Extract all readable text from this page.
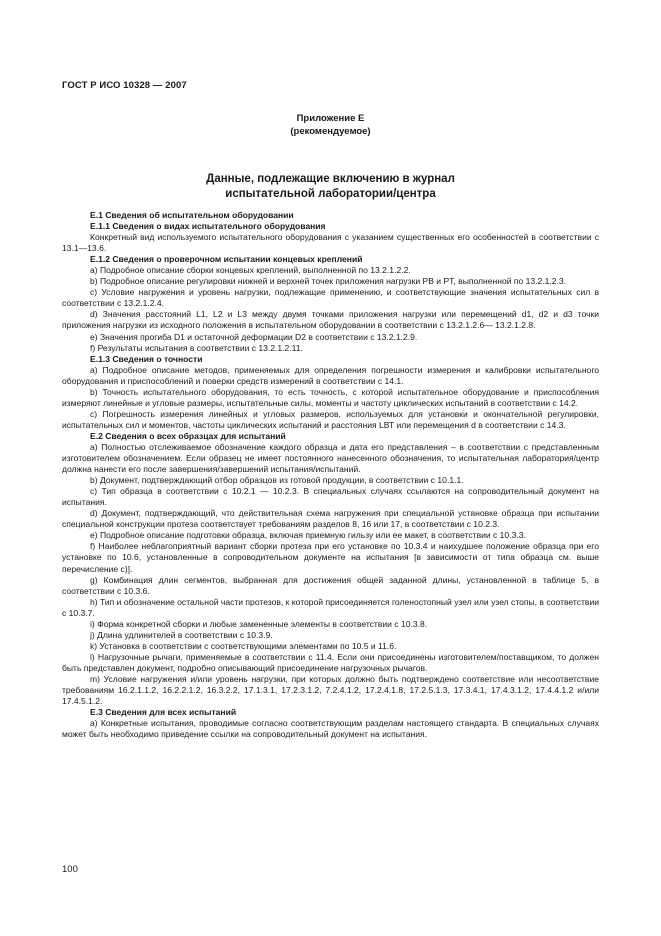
ГОСТ Р ИСО 10328 — 2007
Приложение Е
(рекомендуемое)
Данные, подлежащие включению в журнал
испытательной лаборатории/центра
Е.1 Сведения об испытательном оборудовании
Е.1.1 Сведения о видах испытательного оборудования

Конкретный вид используемого испытательного оборудования с указанием существенных его особенностей в соответствии с 13.1—13.6.

Е.1.2 Сведения о проверочном испытании концевых креплений

а) Подробное описание сборки концевых креплений, выполненной по 13.2.1.2.2.

b) Подробное описание регулировки нижней и верхней точек приложения нагрузки PВ и PТ, выполненной по 13.2.1.2.3.

c) Условие нагружения и уровень нагрузки, подлежащие применению, и соответствующие значения испытательных сил в соответствии с 13.2.1.2.4.

d) Значения расстояний L1, L2 и L3 между двумя точками приложения нагрузки или перемещений d1, d2 и d3 точки приложения нагрузки из исходного положения в испытательном оборудовании в соответствии с 13.2.1.2.6— 13.2.1.2.8.

e) Значения прогиба D1 и остаточной деформации D2 в соответствии с 13.2.1.2.9.

f) Результаты испытания в соответствии с 13.2.1.2.11.

Е.1.3 Сведения о точности

а) Подробное описание методов, применяемых для определения погрешности измерения и калибровки испытательного оборудования и приспособлений и поверки средств измерений в соответствии с 14.1.

b) Точность испытательного оборудования, то есть точность, с которой испытательное оборудование и приспособления измеряют линейные и угловые размеры, испытательные силы, моменты и частоту циклических испытаний в соответствии с 14.2.

c) Погрешность измерения линейных и угловых размеров, используемых для установки и окончательной регулировки, испытательных сил и моментов, частоты циклических испытаний и расстояния LВТ или перемещения d в соответствии с 14.3.

Е.2 Сведения о всех образцах для испытаний

а) Полностью отслеживаемое обозначение каждого образца и дата его представления – в соответствии с представленным изготовителем обозначением. Если образец не имеет постоянного нанесенного обозначения, то испытательная лаборатория/центр должна нанести его после завершения/завершений испытания/испытаний.

b) Документ, подтверждающий отбор образцов из готовой продукции, в соответствии с 10.1.1.

c) Тип образца в соответствии с 10.2.1 — 10.2.3. В специальных случаях ссылаются на сопроводительный документ на испытания.

d) Документ, подтверждающий, что действительная схема нагружения при специальной установке образца при испытании специальной конструкции протеза соответствует требованиям разделов 8, 16 или 17, в соответствии с 10.2.3.

e) Подробное описание подготовки образца, включая приемную гильзу или ее макет, в соответствии с 10.3.3.

f) Наиболее неблагоприятный вариант сборки протеза при его установке по 10.3.4 и наихудшее положение образца при его установке по 10.6, установленные в сопроводительном документе на испытания [в зависимости от типа образца см. выше перечисление c)].

g) Комбинация длин сегментов, выбранная для достижения общей заданной длины, установленной в таблице 5, в соответствии с 10.3.6.

h) Тип и обозначение остальной части протезов, к которой присоединяется голеностопный узел или узел стопы, в соответствии с 10.3.7.

i) Форма конкретной сборки и любые замененные элементы в соответствии с 10.3.8.

j) Длина удлинителей в соответствии с 10.3.9.

k) Установка в соответствии с соответствующими элементами по 10.5 и 11.6.

l) Нагрузочные рычаги, применяемые в соответствии с 11.4. Если они присоединены изготовителем/поставщиком, то должен быть представлен документ, подробно описывающий присоединение нагрузочных рычагов.

m) Условие нагружения и/или уровень нагрузки, при которых должно быть подтверждено соответствие или несоответствие требованиям 16.2.1.1.2, 16.2.2.1.2, 16.3.2.2, 17.1.3.1, 17.2.3.1.2, 7.2.4.1.2, 17.2.4.1.8, 17.2.5.1.3, 17.3.4.1, 17.4.3.1.2, 17.4.4.1.2 и/или 17.4.5.1.2.

Е.3 Сведения для всех испытаний

а) Конкретные испытания, проводимые согласно соответствующим разделам настоящего стандарта. В специальных случаях может быть необходимо приведение ссылки на сопроводительный документ на испытания.

100
